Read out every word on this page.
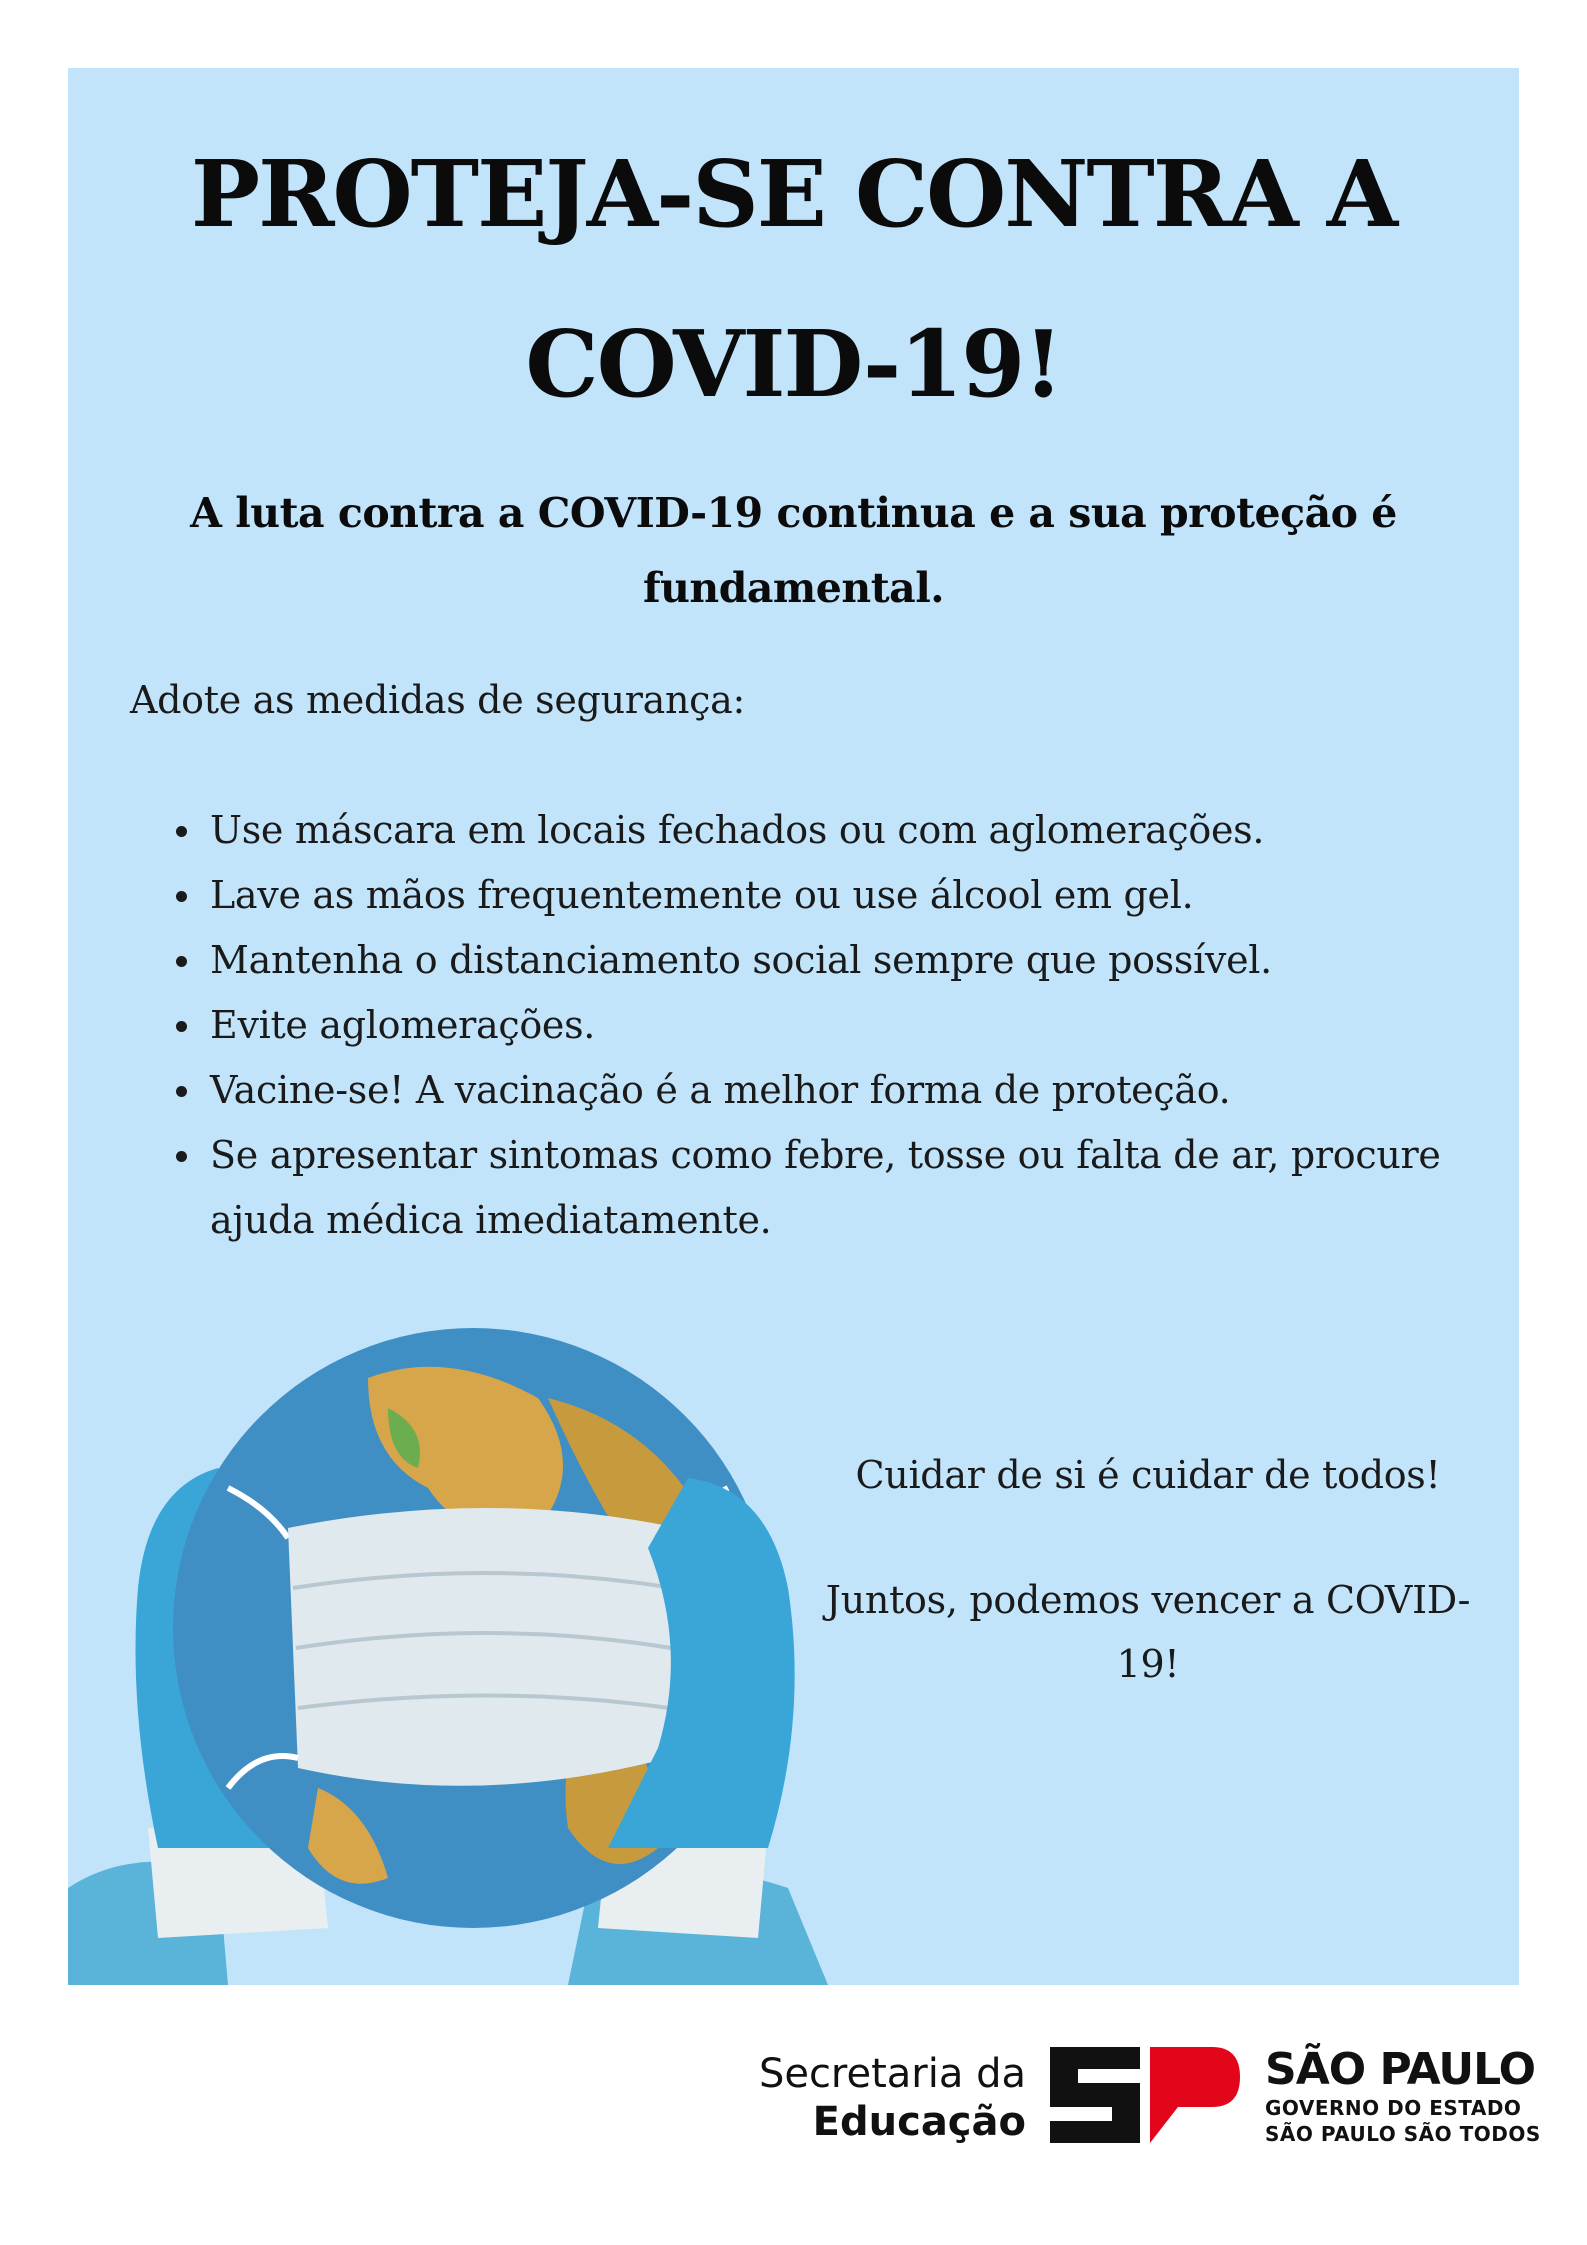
PROTEJA-SE CONTRA A
COVID-19!

A luta contra a COVID-19 continua e a sua proteção é fundamental.

Adote as medidas de segurança:

Use máscara em locais fechados ou com aglomerações.
Lave as mãos frequentemente ou use álcool em gel.
Mantenha o distanciamento social sempre que possível.
Evite aglomerações.
Vacine-se! A vacinação é a melhor forma de proteção.
Se apresentar sintomas como febre, tosse ou falta de ar, procure ajuda médica imediatamente.

Cuidar de si é cuidar de todos!

Juntos, podemos vencer a COVID-19!

Secretaria da
Educação

SÃO PAULO
GOVERNO DO ESTADO
SÃO PAULO SÃO TODOS
